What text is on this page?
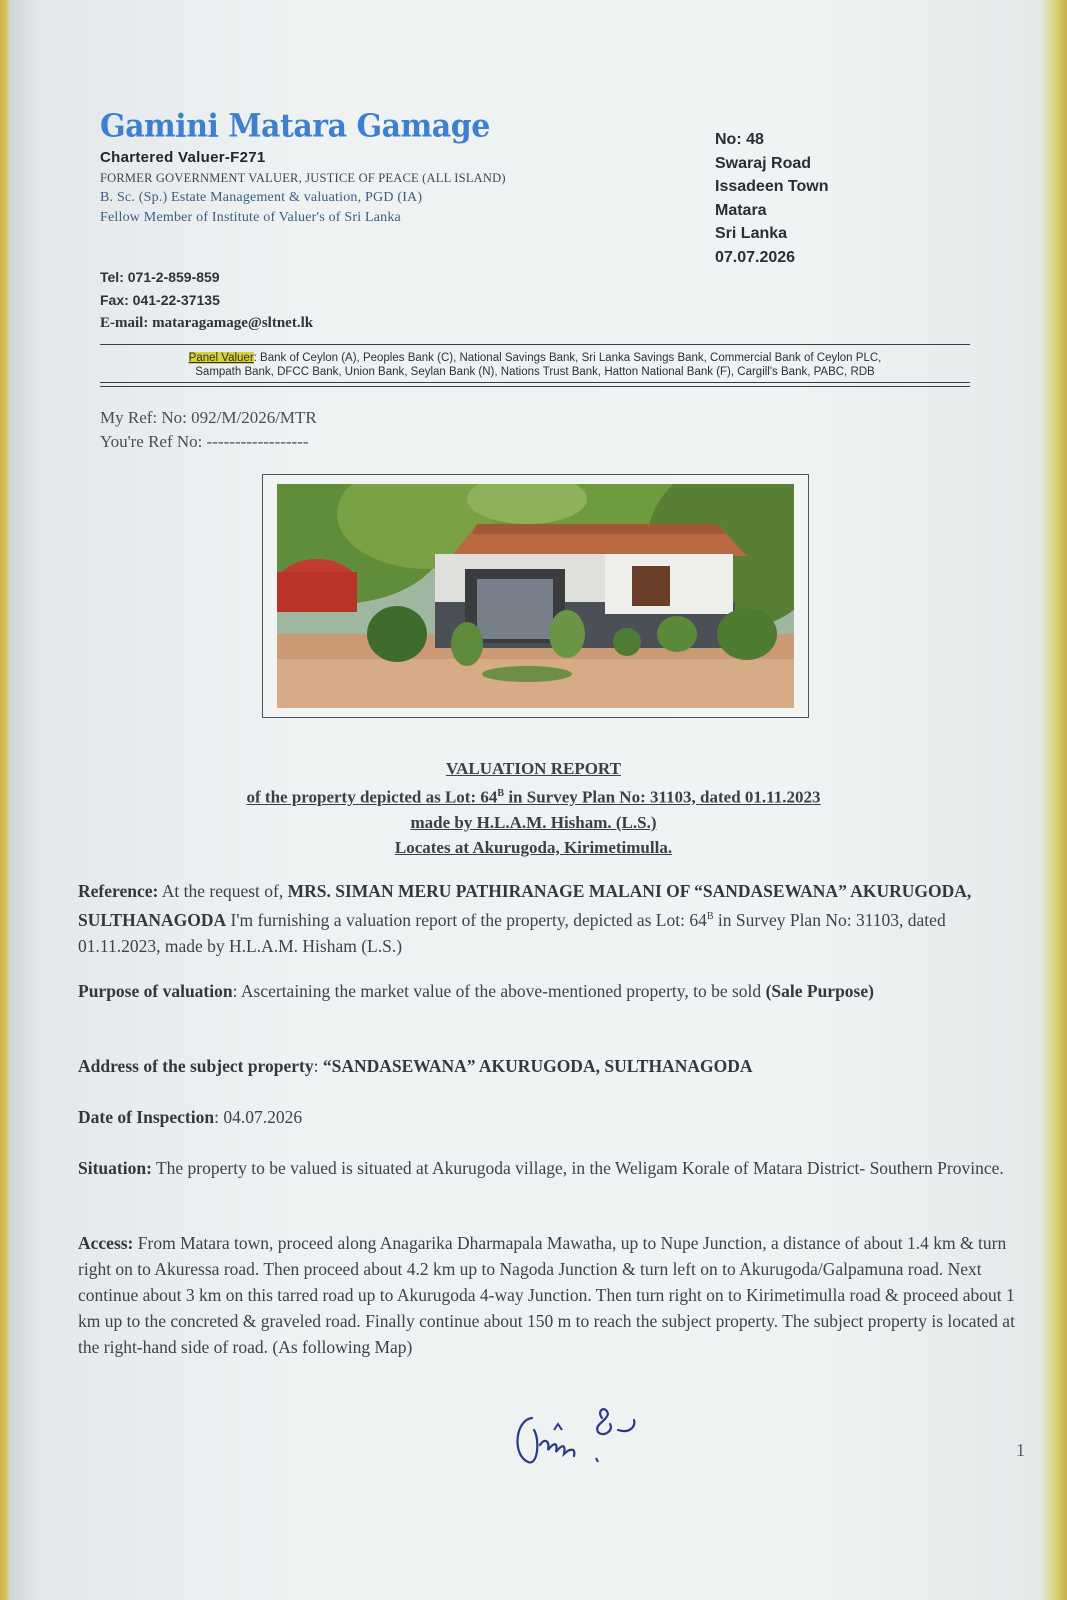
Gamini Matara Gamage
Chartered Valuer-F271
FORMER GOVERNMENT VALUER, JUSTICE OF PEACE (ALL ISLAND)
B. Sc. (Sp.) Estate Management & valuation, PGD (IA)
Fellow Member of Institute of Valuer's of Sri Lanka
Tel: 071-2-859-859
Fax: 041-22-37135
E-mail: mataragamage@sltnet.lk
No: 48
Swaraj Road
Issadeen Town
Matara
Sri Lanka
07.07.2026
Panel Valuer: Bank of Ceylon (A), Peoples Bank (C), National Savings Bank, Sri Lanka Savings Bank, Commercial Bank of Ceylon PLC,
Sampath Bank, DFCC Bank, Union Bank, Seylan Bank (N), Nations Trust Bank, Hatton National Bank (F), Cargill's Bank, PABC, RDB
My Ref: No: 092/M/2026/MTR
You're Ref No: ------------------
VALUATION REPORT
of the property depicted as Lot: $64^B$ in Survey Plan No: 31103, dated 01.11.2023
made by H.L.A.M. Hisham. (L.S.)
Locates at Akurugoda, Kirimetimulla.
Reference: At the request of, MRS. SIMAN MERU PATHIRANAGE MALANI OF “SANDASEWANA” AKURUGODA, SULTHANAGODA I'm furnishing a valuation report of the property, depicted as Lot: $64^B$ in Survey Plan No: 31103, dated 01.11.2023, made by H.L.A.M. Hisham (L.S.)
Purpose of valuation: Ascertaining the market value of the above-mentioned property, to be sold (Sale Purpose)
Address of the subject property: “SANDASEWANA” AKURUGODA, SULTHANAGODA
Date of Inspection: 04.07.2026
Situation: The property to be valued is situated at Akurugoda village, in the Weligam Korale of Matara District- Southern Province.
Access: From Matara town, proceed along Anagarika Dharmapala Mawatha, up to Nupe Junction, a distance of about 1.4 km & turn right on to Akuressa road. Then proceed about 4.2 km up to Nagoda Junction & turn left on to Akurugoda/Galpamuna road. Next continue about 3 km on this tarred road up to Akurugoda 4-way Junction. Then turn right on to Kirimetimulla road & proceed about 1 km up to the concreted & graveled road. Finally continue about 150 m to reach the subject property. The subject property is located at the right-hand side of road. (As following Map)
1
